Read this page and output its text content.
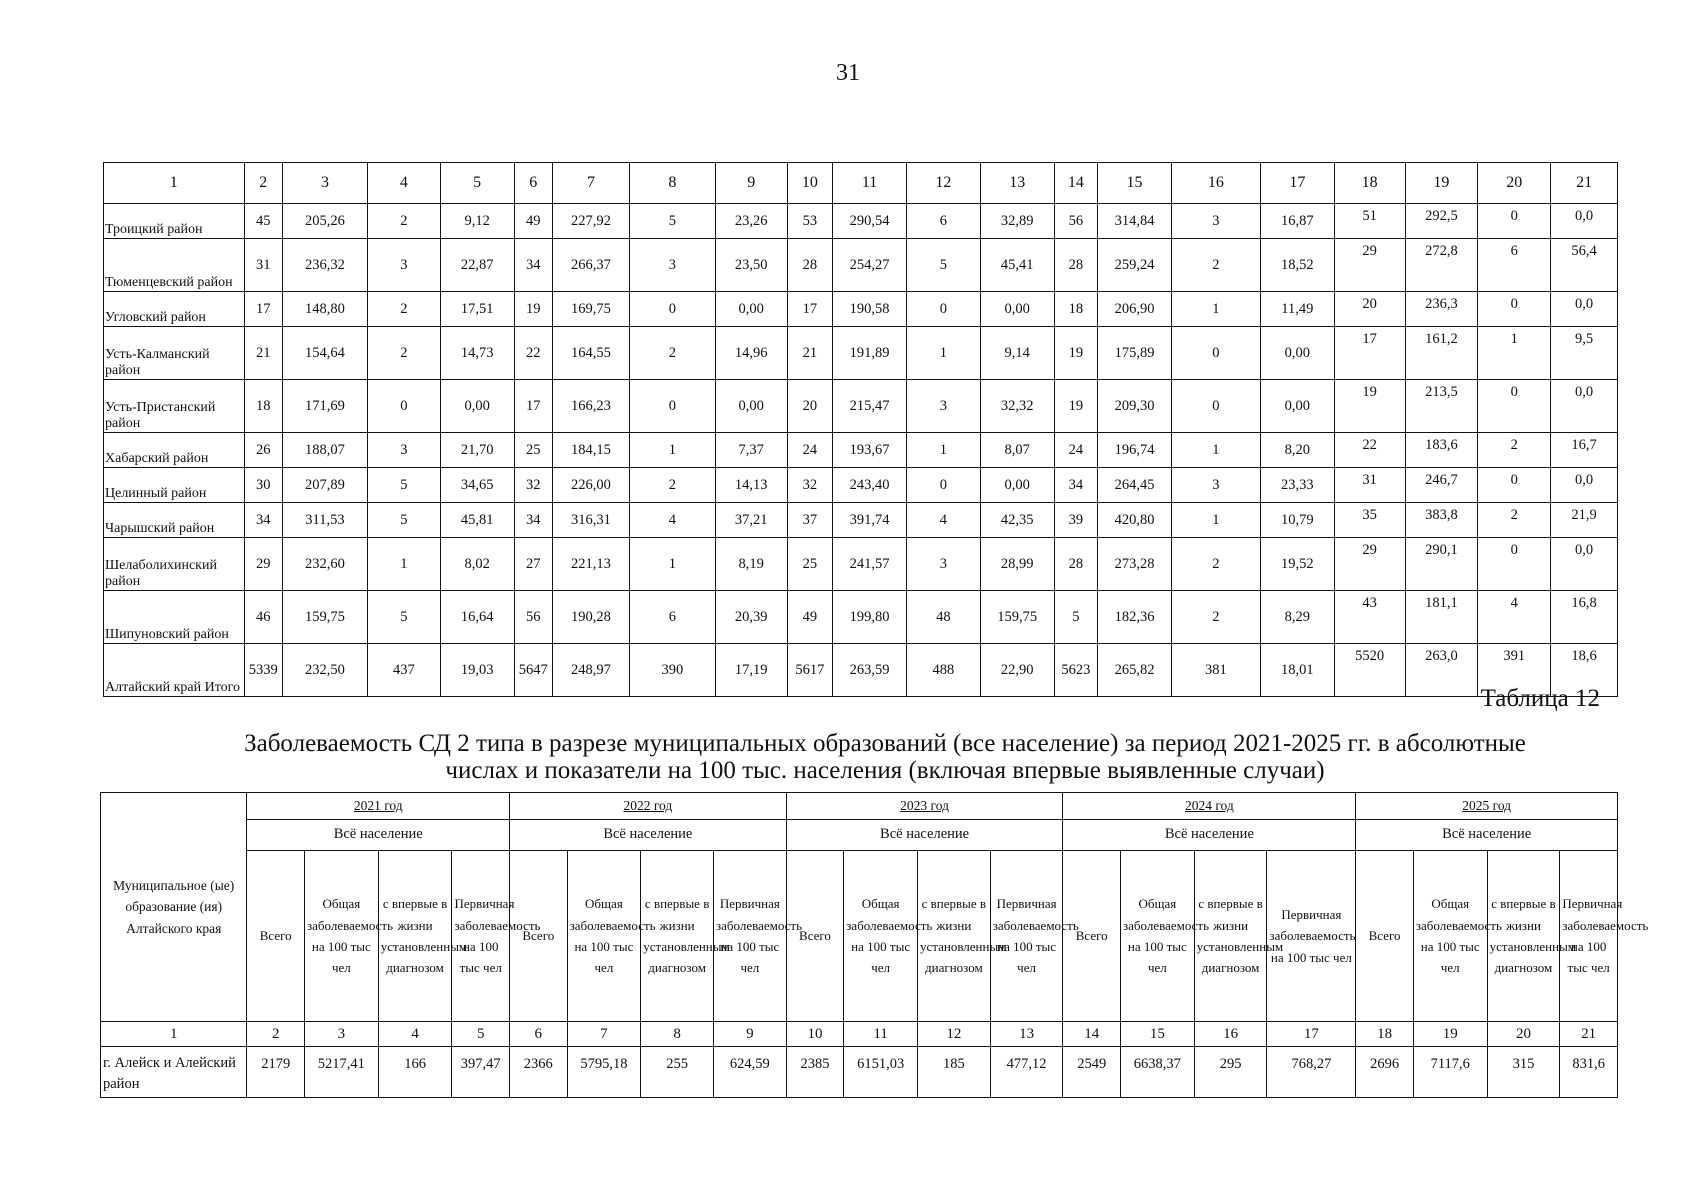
31
1	2	3	4	5	6	7	8	9	10	11	12	13	14	15	16	17	18	19	20	21
Троицкий район	45	205,26	2	9,12	49	227,92	5	23,26	53	290,54	6	32,89	56	314,84	3	16,87	51	292,5	0	0,0
Тюменцевский район	31	236,32	3	22,87	34	266,37	3	23,50	28	254,27	5	45,41	28	259,24	2	18,52	29	272,8	6	56,4
Угловский район	17	148,80	2	17,51	19	169,75	0	0,00	17	190,58	0	0,00	18	206,90	1	11,49	20	236,3	0	0,0
Усть-Калманский район	21	154,64	2	14,73	22	164,55	2	14,96	21	191,89	1	9,14	19	175,89	0	0,00	17	161,2	1	9,5
Усть-Пристанский район	18	171,69	0	0,00	17	166,23	0	0,00	20	215,47	3	32,32	19	209,30	0	0,00	19	213,5	0	0,0
Хабарский район	26	188,07	3	21,70	25	184,15	1	7,37	24	193,67	1	8,07	24	196,74	1	8,20	22	183,6	2	16,7
Целинный район	30	207,89	5	34,65	32	226,00	2	14,13	32	243,40	0	0,00	34	264,45	3	23,33	31	246,7	0	0,0
Чарышский район	34	311,53	5	45,81	34	316,31	4	37,21	37	391,74	4	42,35	39	420,80	1	10,79	35	383,8	2	21,9
Шелаболихинский район	29	232,60	1	8,02	27	221,13	1	8,19	25	241,57	3	28,99	28	273,28	2	19,52	29	290,1	0	0,0
Шипуновский район	46	159,75	5	16,64	56	190,28	6	20,39	49	199,80	48	159,75	5	182,36	2	8,29	43	181,1	4	16,8
Алтайский край Итого	5339	232,50	437	19,03	5647	248,97	390	17,19	5617	263,59	488	22,90	5623	265,82	381	18,01	5520	263,0	391	18,6
Таблица 12
Заболеваемость СД 2 типа в разрезе муниципальных образований (все население) за период 2021-2025 гг. в абсолютные числах и показатели на 100 тыс. населения (включая впервые выявленные случаи)
Муниципальное (ые) образование (ия) Алтайского края	2021 год				2022 год				2023 год				2024 год				2025 год			
	Всё население				Всё население				Всё население				Всё население				Всё население			
	Всего	Общая заболеваемость на 100 тыс чел	с впервые в жизни установленным диагнозом	Первичная заболеваемость на 100 тыс чел	Всего	Общая заболеваемость на 100 тыс чел	с впервые в жизни установленным диагнозом	Первичная заболеваемость на 100 тыс чел	Всего	Общая заболеваемость на 100 тыс чел	с впервые в жизни установленным диагнозом	Первичная заболеваемость на 100 тыс чел	Всего	Общая заболеваемость на 100 тыс чел	с впервые в жизни установленным диагнозом	Первичная заболеваемость на 100 тыс чел	Всего	Общая заболеваемость на 100 тыс чел	с впервые в жизни установленным диагнозом	Первичная заболеваемость на 100 тыс чел
1	2	3	4	5	6	7	8	9	10	11	12	13	14	15	16	17	18	19	20	21
г. Алейск и Алейский район	2179	5217,41	166	397,47	2366	5795,18	255	624,59	2385	6151,03	185	477,12	2549	6638,37	295	768,27	2696	7117,6	315	831,6
